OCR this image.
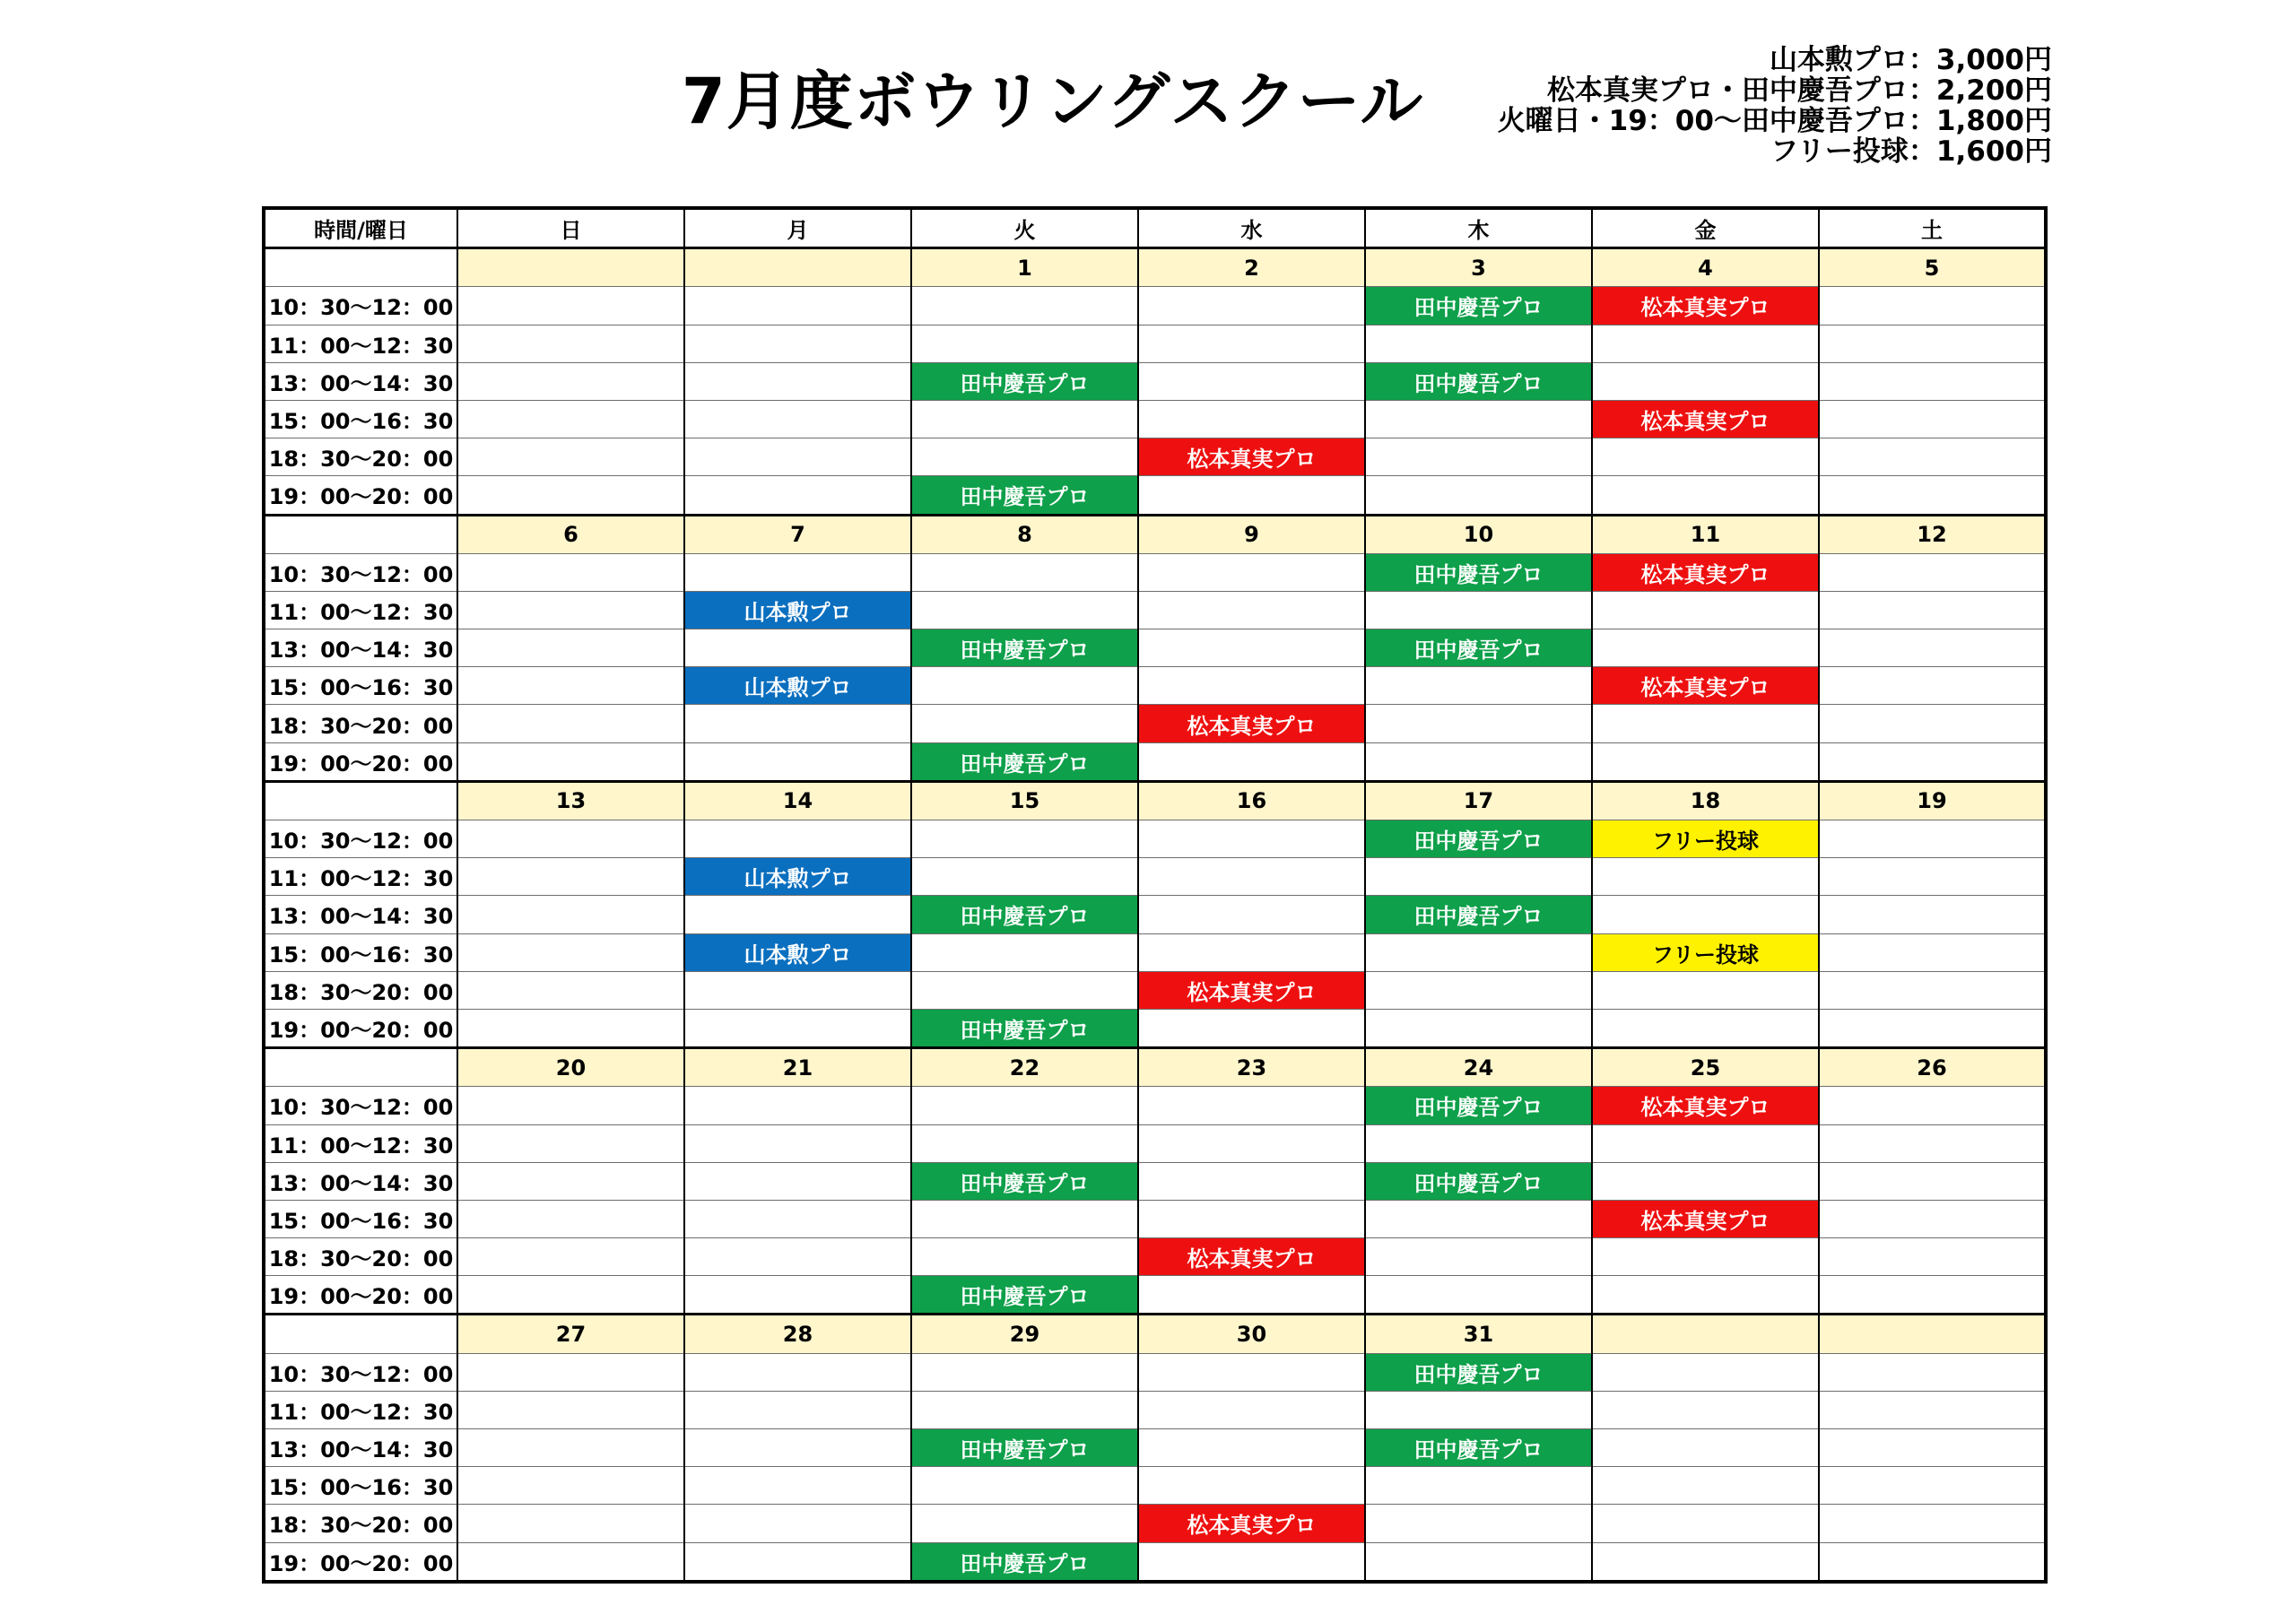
7月度ボウリングスクール
山本勲プロ：3,000円
松本真実プロ・田中慶吾プロ：2,200円
火曜日・19：00～田中慶吾プロ：1,800円
フリー投球：1,600円
時間/曜日	日	月	火	水	木	金	土
			1	2	3	4	5
10：30～12：00					田中慶吾プロ	松本真実プロ	
11：00～12：30							
13：00～14：30			田中慶吾プロ		田中慶吾プロ		
15：00～16：30						松本真実プロ	
18：30～20：00				松本真実プロ			
19：00～20：00			田中慶吾プロ				
	6	7	8	9	10	11	12
10：30～12：00					田中慶吾プロ	松本真実プロ	
11：00～12：30		山本勲プロ					
13：00～14：30			田中慶吾プロ		田中慶吾プロ		
15：00～16：30		山本勲プロ				松本真実プロ	
18：30～20：00				松本真実プロ			
19：00～20：00			田中慶吾プロ				
	13	14	15	16	17	18	19
10：30～12：00					田中慶吾プロ	フリー投球	
11：00～12：30		山本勲プロ					
13：00～14：30			田中慶吾プロ		田中慶吾プロ		
15：00～16：30		山本勲プロ				フリー投球	
18：30～20：00				松本真実プロ			
19：00～20：00			田中慶吾プロ				
	20	21	22	23	24	25	26
10：30～12：00					田中慶吾プロ	松本真実プロ	
11：00～12：30							
13：00～14：30			田中慶吾プロ		田中慶吾プロ		
15：00～16：30						松本真実プロ	
18：30～20：00				松本真実プロ			
19：00～20：00			田中慶吾プロ				
	27	28	29	30	31		
10：30～12：00					田中慶吾プロ		
11：00～12：30							
13：00～14：30			田中慶吾プロ		田中慶吾プロ		
15：00～16：30							
18：30～20：00				松本真実プロ			
19：00～20：00			田中慶吾プロ				
